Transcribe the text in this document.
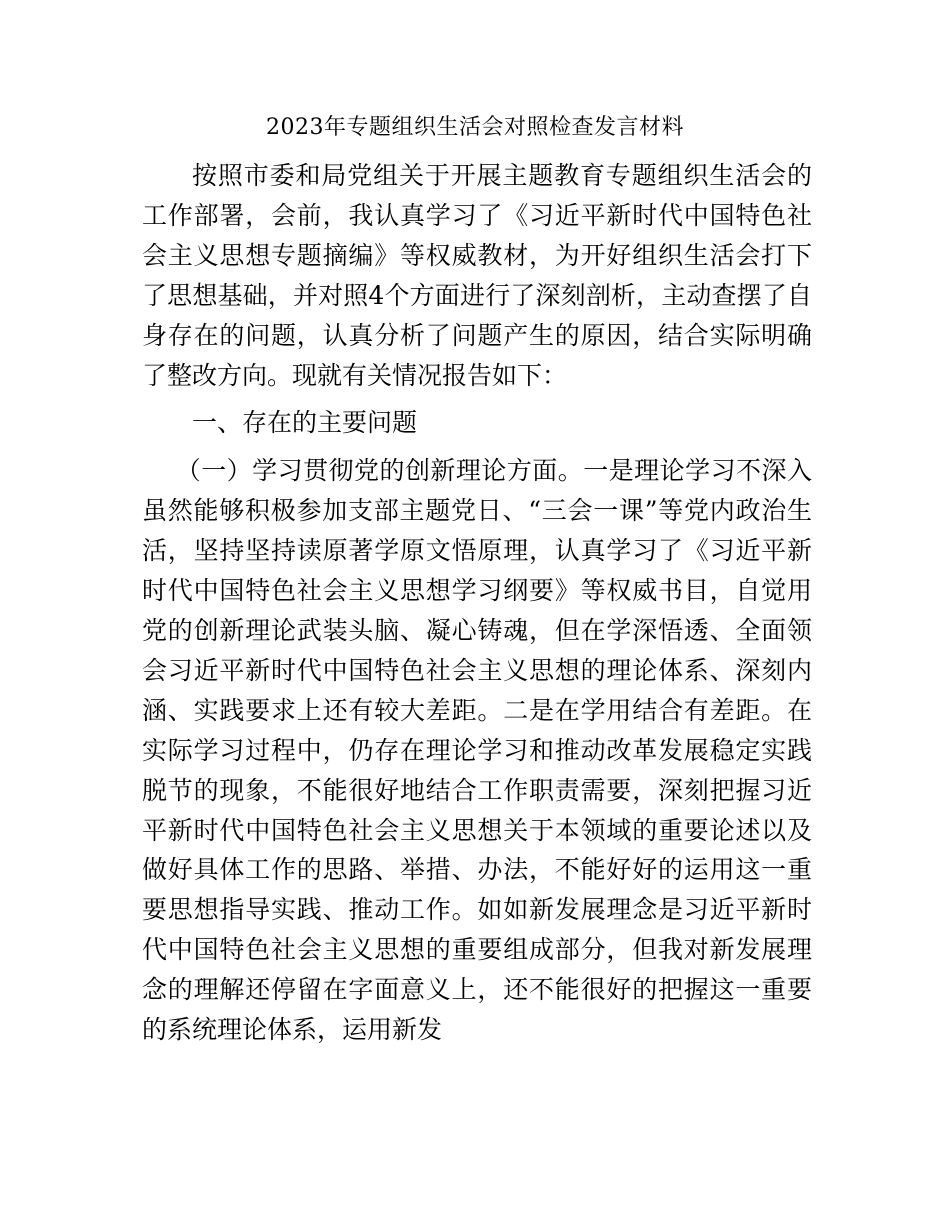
2023年专题组织生活会对照检查发言材料

按照市委和局党组关于开展主题教育专题组织生活会的工作部署，会前，我认真学习了《习近平新时代中国特色社会主义思想专题摘编》等权威教材，为开好组织生活会打下了思想基础，并对照4个方面进行了深刻剖析，主动查摆了自身存在的问题，认真分析了问题产生的原因，结合实际明确了整改方向。现就有关情况报告如下：

一、存在的主要问题

（一）学习贯彻党的创新理论方面。一是理论学习不深入虽然能够积极参加支部主题党日、“三会一课”等党内政治生活，坚持坚持读原著学原文悟原理，认真学习了《习近平新时代中国特色社会主义思想学习纲要》等权威书目，自觉用党的创新理论武装头脑、凝心铸魂，但在学深悟透、全面领会习近平新时代中国特色社会主义思想的理论体系、深刻内涵、实践要求上还有较大差距。二是在学用结合有差距。在实际学习过程中，仍存在理论学习和推动改革发展稳定实践脱节的现象，不能很好地结合工作职责需要，深刻把握习近平新时代中国特色社会主义思想关于本领域的重要论述以及做好具体工作的思路、举措、办法，不能好好的运用这一重要思想指导实践、推动工作。如如新发展理念是习近平新时代中国特色社会主义思想的重要组成部分，但我对新发展理念的理解还停留在字面意义上，还不能很好的把握这一重要的系统理论体系，运用新发
